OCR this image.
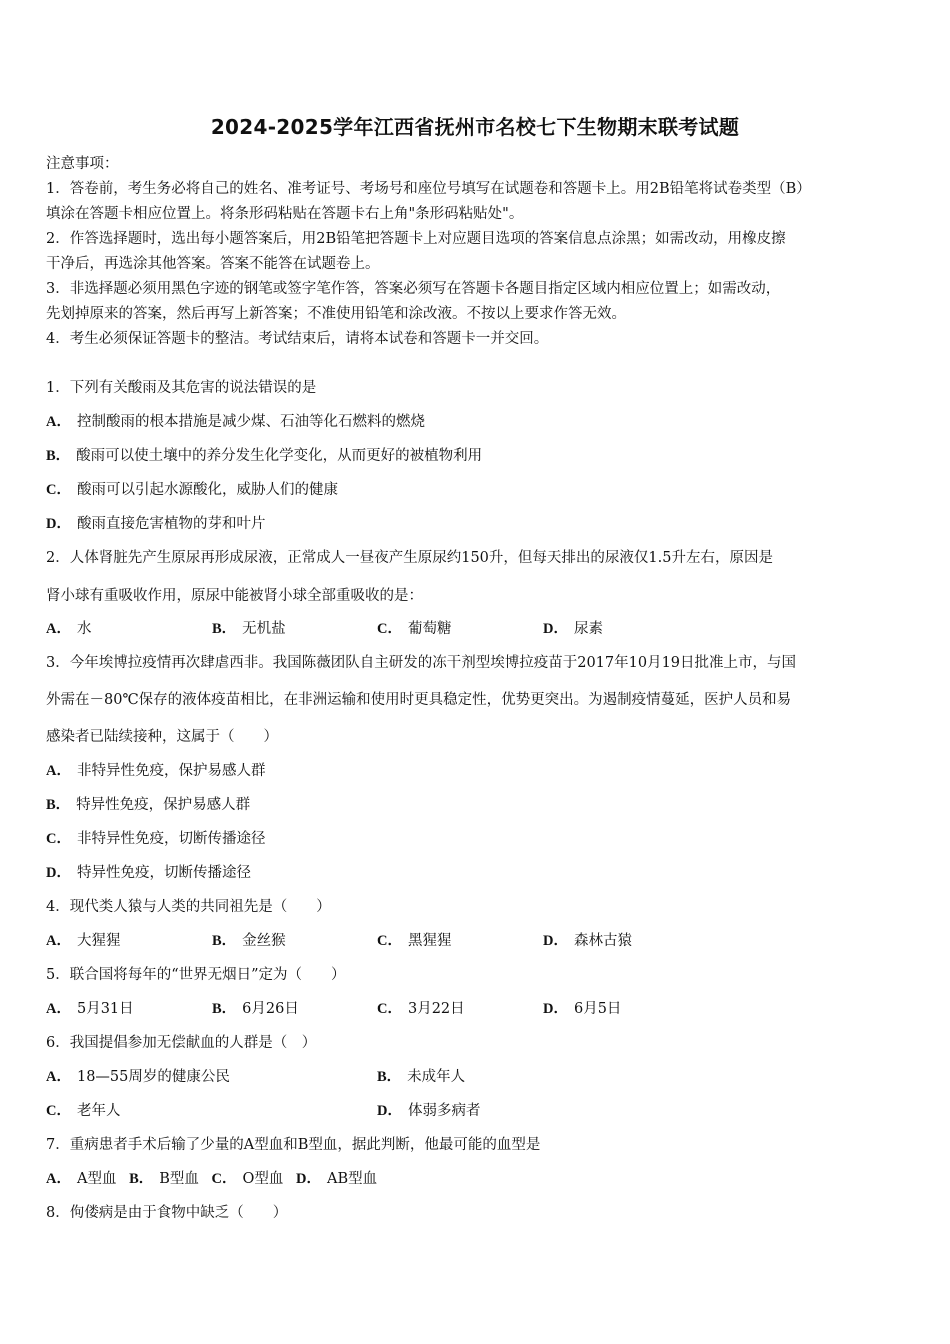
2024-2025学年江西省抚州市名校七下生物期末联考试题
注意事项：
1．答卷前，考生务必将自己的姓名、准考证号、考场号和座位号填写在试题卷和答题卡上。用2B铅笔将试卷类型（B）
填涂在答题卡相应位置上。将条形码粘贴在答题卡右上角"条形码粘贴处"。
2．作答选择题时，选出每小题答案后，用2B铅笔把答题卡上对应题目选项的答案信息点涂黑；如需改动，用橡皮擦
干净后，再选涂其他答案。答案不能答在试题卷上。
3．非选择题必须用黑色字迹的钢笔或签字笔作答，答案必须写在答题卡各题目指定区域内相应位置上；如需改动，
先划掉原来的答案，然后再写上新答案；不准使用铅笔和涂改液。不按以上要求作答无效。
4．考生必须保证答题卡的整洁。考试结束后，请将本试卷和答题卡一并交回。
1．下列有关酸雨及其危害的说法错误的是
A． 控制酸雨的根本措施是减少煤、石油等化石燃料的燃烧
B． 酸雨可以使土壤中的养分发生化学变化，从而更好的被植物利用
C． 酸雨可以引起水源酸化，威胁人们的健康
D． 酸雨直接危害植物的芽和叶片
2．人体肾脏先产生原尿再形成尿液，正常成人一昼夜产生原尿约150升，但每天排出的尿液仅1.5升左右，原因是
肾小球有重吸收作用，原尿中能被肾小球全部重吸收的是：
A． 水	B． 无机盐	C． 葡萄糖	D． 尿素
3．今年埃博拉疫情再次肆虐西非。我国陈薇团队自主研发的冻干剂型埃博拉疫苗于2017年10月19日批准上市，与国
外需在－80℃保存的液体疫苗相比，在非洲运输和使用时更具稳定性，优势更突出。为遏制疫情蔓延，医护人员和易
感染者已陆续接种，这属于（　　）
A． 非特异性免疫，保护易感人群
B． 特异性免疫，保护易感人群
C． 非特异性免疫，切断传播途径
D． 特异性免疫，切断传播途径
4．现代类人猿与人类的共同祖先是（　　）
A． 大猩猩	B． 金丝猴	C． 黑猩猩	D． 森林古猿
5．联合国将每年的“世界无烟日”定为（　　）
A． 5月31日	B． 6月26日	C． 3月22日	D． 6月5日
6．我国提倡参加无偿献血的人群是（　）
A． 18—55周岁的健康公民	B． 未成年人
C． 老年人	D． 体弱多病者
7．重病患者手术后输了少量的A型血和B型血，据此判断，他最可能的血型是
A． A型血 B． B型血 C． O型血 D． AB型血
8．佝偻病是由于食物中缺乏（　　）
